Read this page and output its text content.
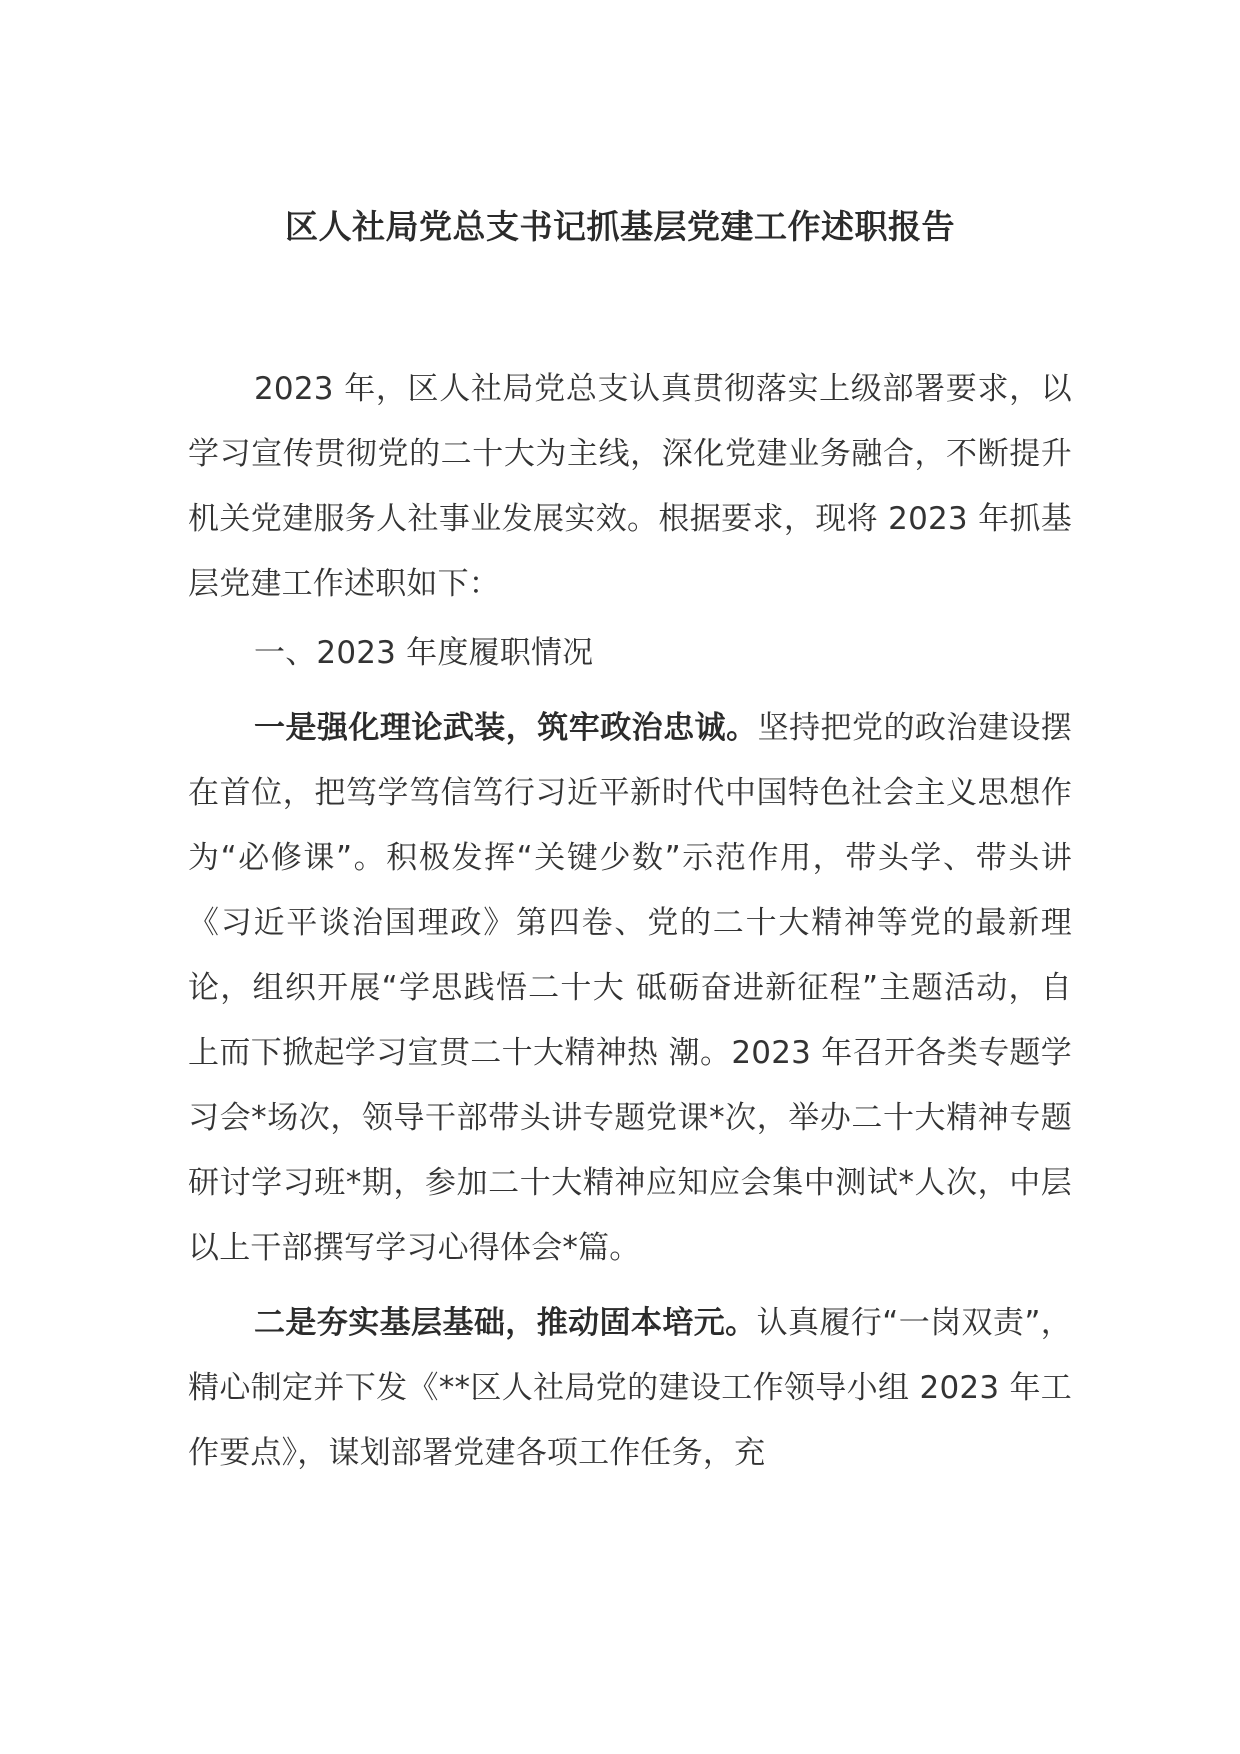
区人社局党总支书记抓基层党建工作述职报告

2023 年，区人社局党总支认真贯彻落实上级部署要求，以学习宣传贯彻党的二十大为主线，深化党建业务融合，不断提升机关党建服务人社事业发展实效。根据要求，现将 2023 年抓基层党建工作述职如下：

一、2023 年度履职情况

一是强化理论武装，筑牢政治忠诚。坚持把党的政治建设摆在首位，把笃学笃信笃行习近平新时代中国特色社会主义思想作为“必修课”。积极发挥“关键少数”示范作用，带头学、带头讲《习近平谈治国理政》第四卷、党的二十大精神等党的最新理论，组织开展“学思践悟二十大 砥砺奋进新征程”主题活动，自上而下掀起学习宣贯二十大精神热 潮。2023 年召开各类专题学习会*场次，领导干部带头讲专题党课*次，举办二十大精神专题研讨学习班*期，参加二十大精神应知应会集中测试*人次，中层以上干部撰写学习心得体会*篇。

二是夯实基层基础，推动固本培元。认真履行“一岗双责”，精心制定并下发《**区人社局党的建设工作领导小组 2023 年工作要点》，谋划部署党建各项工作任务，充
